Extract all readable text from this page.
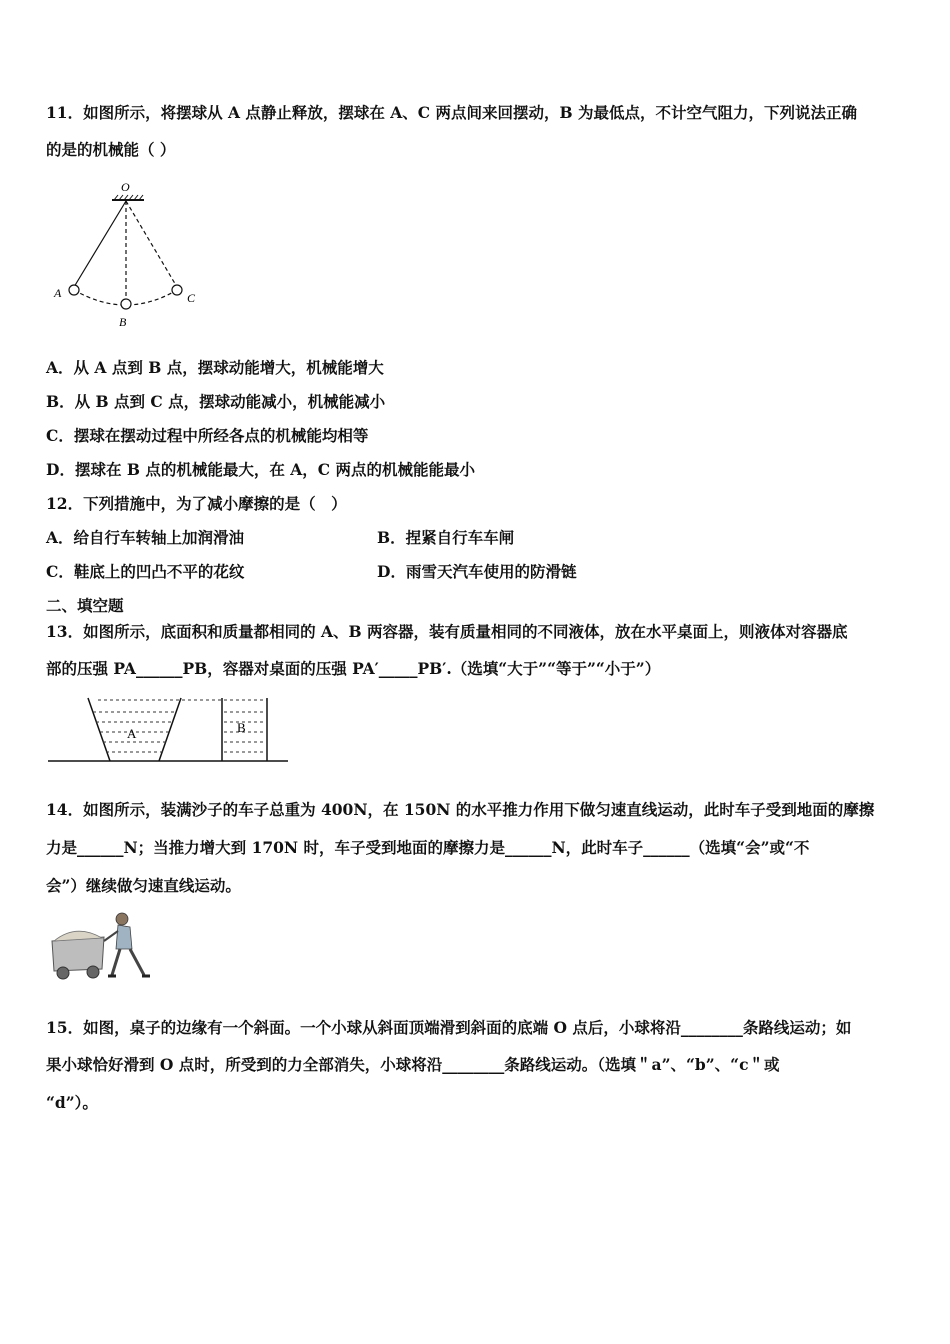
11．如图所示，将摆球从 A 点静止释放，摆球在 A、C 两点间来回摆动，B 为最低点，不计空气阻力，下列说法正确
的是的机械能（ ）
O
A
B
C
A．从 A 点到 B 点，摆球动能增大，机械能增大
B．从 B 点到 C 点，摆球动能减小，机械能减小
C．摆球在摆动过程中所经各点的机械能均相等
D．摆球在 B 点的机械能最大，在 A，C 两点的机械能能最小
12．下列措施中，为了减小摩擦的是（　）
A．给自行车转轴上加润滑油	B．捏紧自行车车闸
C．鞋底上的凹凸不平的花纹	D．雨雪天汽车使用的防滑链
二、填空题
13．如图所示，底面积和质量都相同的 A、B 两容器，装有质量相同的不同液体，放在水平桌面上，则液体对容器底
部的压强 PA______PB，容器对桌面的压强 PA′_____PB′.（选填“大于”“等于”“小于”）
A	B
14．如图所示，装满沙子的车子总重为 400N，在 150N 的水平推力作用下做匀速直线运动，此时车子受到地面的摩擦
力是______N；当推力增大到 170N 时，车子受到地面的摩擦力是______N，此时车子______（选填“会”或“不
会”）继续做匀速直线运动。
15．如图，桌子的边缘有一个斜面。一个小球从斜面顶端滑到斜面的底端 O 点后，小球将沿________条路线运动；如
果小球恰好滑到 O 点时，所受到的力全部消失，小球将沿________条路线运动。（选填＂a”、“b”、“c＂或
“d”）。
